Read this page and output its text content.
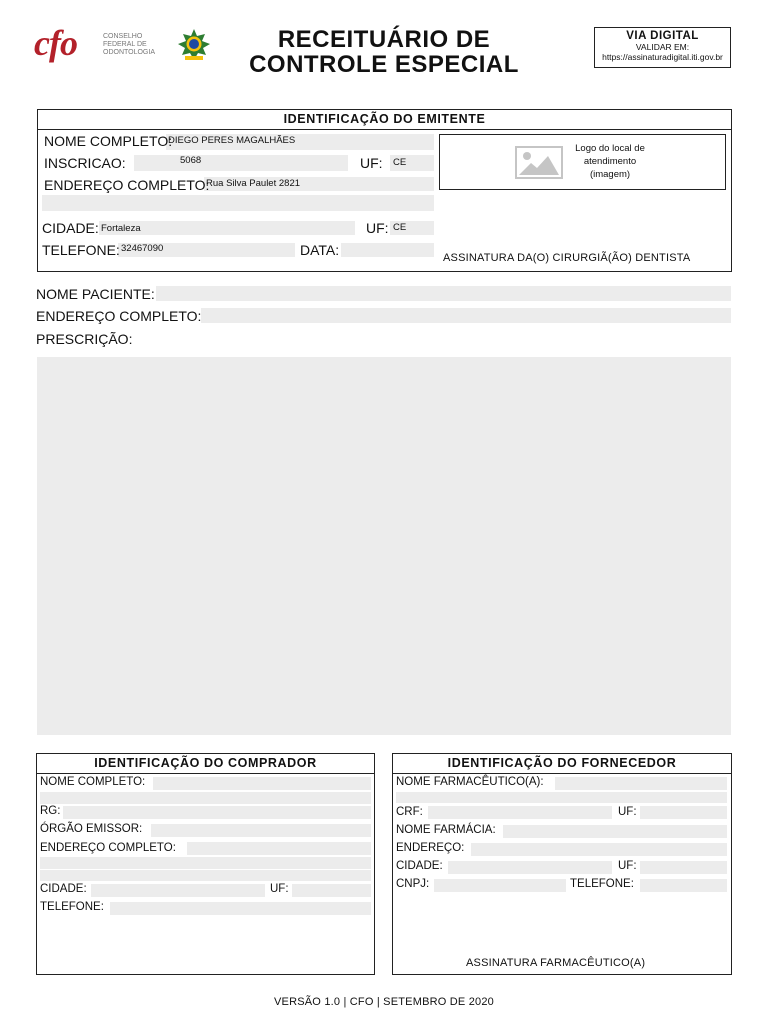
cfo	CONSELHO
FEDERAL DE
ODONTOLOGIA	RECEITUÁRIO DE
CONTROLE ESPECIAL
VIA DIGITAL
VALIDAR EM:
https://assinaturadigital.iti.gov.br
IDENTIFICAÇÃO DO EMITENTE
NOME COMPLETO:
DIEGO PERES MAGALHÃES
INSCRICAO:	5068	UF: CE
ENDEREÇO COMPLETO:
Rua Silva Paulet 2821
CIDADE: Fortaleza	UF: CE
TELEFONE: 32467090	DATA:
Logo do local de
atendimento
(imagem)
ASSINATURA DA(O) CIRURGIÃ(ÃO) DENTISTA
NOME PACIENTE:
ENDEREÇO COMPLETO:
PRESCRIÇÃO:
IDENTIFICAÇÃO DO COMPRADOR
NOME COMPLETO:
RG:
ÓRGÃO EMISSOR:
ENDEREÇO COMPLETO:
CIDADE:	UF:
TELEFONE:
IDENTIFICAÇÃO DO FORNECEDOR
NOME FARMACÊUTICO(A):
CRF:	UF:
NOME FARMÁCIA:
ENDEREÇO:
CIDADE:	UF:
CNPJ:	TELEFONE:
ASSINATURA FARMACÊUTICO(A)
VERSÃO 1.0 | CFO | SETEMBRO DE 2020
